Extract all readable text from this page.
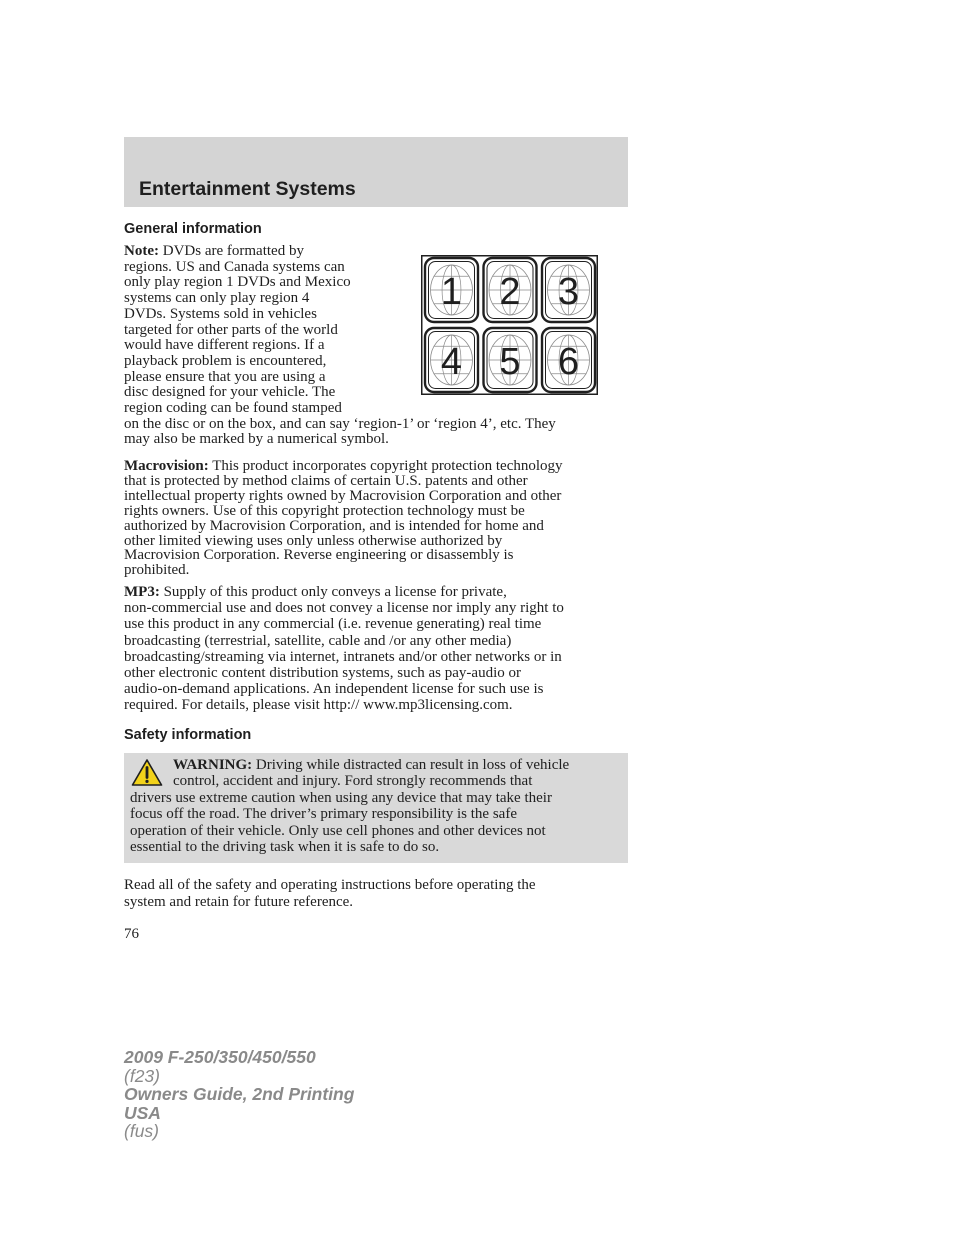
Entertainment Systems
General information
Note: DVDs are formatted by
regions. US and Canada systems can
only play region 1 DVDs and Mexico
systems can only play region 4
DVDs. Systems sold in vehicles
targeted for other parts of the world
would have different regions. If a
playback problem is encountered,
please ensure that you are using a
disc designed for your vehicle. The
region coding can be found stamped
on the disc or on the box, and can say ‘region-1’ or ‘region 4’, etc. They
may also be marked by a numerical symbol.
1 2 3
4 5 6
Macrovision: This product incorporates copyright protection technology
that is protected by method claims of certain U.S. patents and other
intellectual property rights owned by Macrovision Corporation and other
rights owners. Use of this copyright protection technology must be
authorized by Macrovision Corporation, and is intended for home and
other limited viewing uses only unless otherwise authorized by
Macrovision Corporation. Reverse engineering or disassembly is
prohibited.
MP3: Supply of this product only conveys a license for private,
non-commercial use and does not convey a license nor imply any right to
use this product in any commercial (i.e. revenue generating) real time
broadcasting (terrestrial, satellite, cable and /or any other media)
broadcasting/streaming via internet, intranets and/or other networks or in
other electronic content distribution systems, such as pay-audio or
audio-on-demand applications. An independent license for such use is
required. For details, please visit http:// www.mp3licensing.com.
Safety information
WARNING: Driving while distracted can result in loss of vehicle
control, accident and injury. Ford strongly recommends that
drivers use extreme caution when using any device that may take their
focus off the road. The driver’s primary responsibility is the safe
operation of their vehicle. Only use cell phones and other devices not
essential to the driving task when it is safe to do so.
Read all of the safety and operating instructions before operating the
system and retain for future reference.

76

2009 F-250/350/450/550
(f23)
Owners Guide, 2nd Printing
USA
(fus)
